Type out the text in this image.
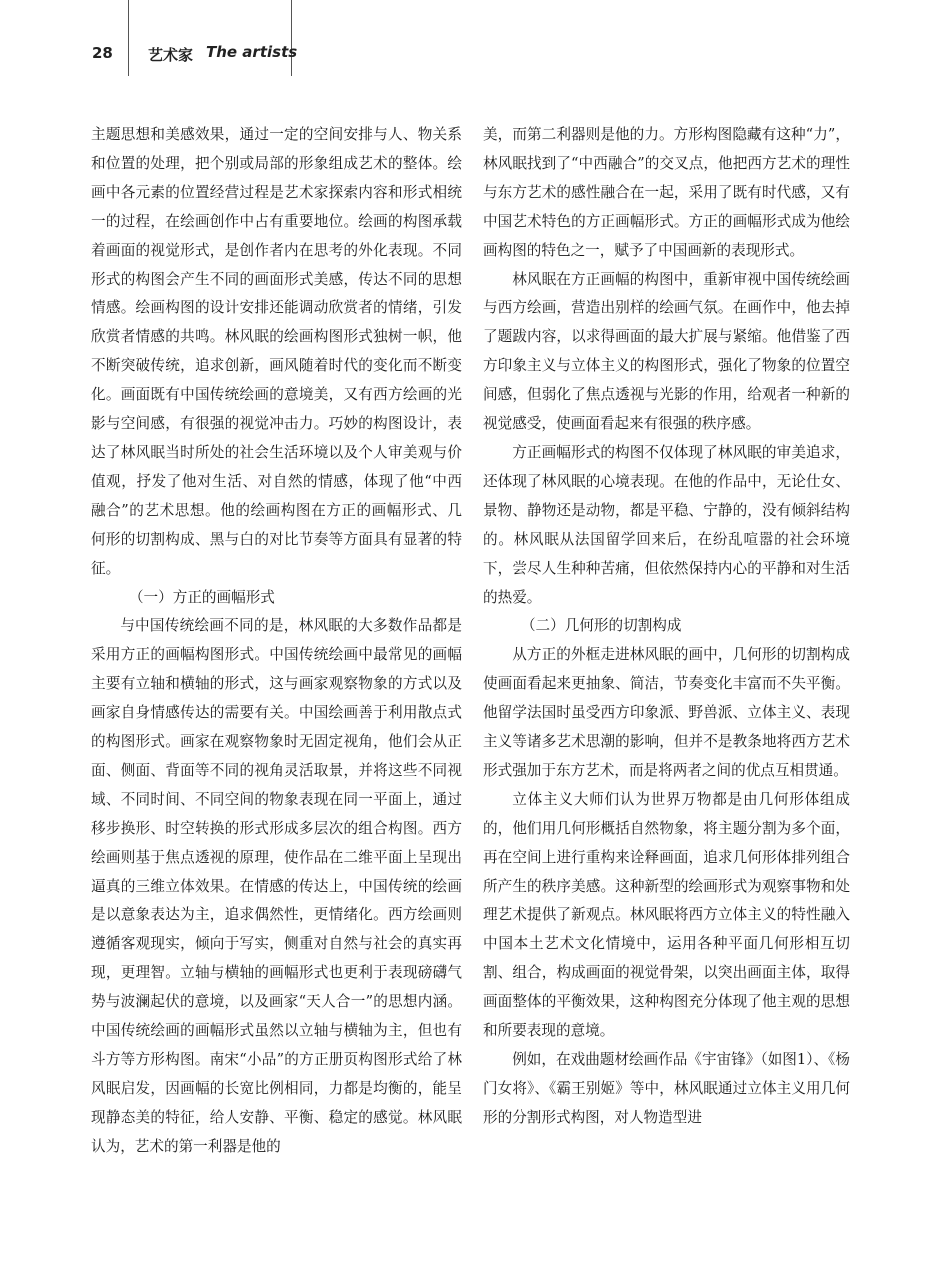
28 艺术家 The artists

主题思想和美感效果，通过一定的空间安排与人、物关系和位置的处理，把个别或局部的形象组成艺术的整体。绘画中各元素的位置经营过程是艺术家探索内容和形式相统一的过程，在绘画创作中占有重要地位。绘画的构图承载着画面的视觉形式，是创作者内在思考的外化表现。不同形式的构图会产生不同的画面形式美感，传达不同的思想情感。绘画构图的设计安排还能调动欣赏者的情绪，引发欣赏者情感的共鸣。林风眠的绘画构图形式独树一帜，他不断突破传统，追求创新，画风随着时代的变化而不断变化。画面既有中国传统绘画的意境美，又有西方绘画的光影与空间感，有很强的视觉冲击力。巧妙的构图设计，表达了林风眠当时所处的社会生活环境以及个人审美观与价值观，抒发了他对生活、对自然的情感，体现了他“中西融合”的艺术思想。他的绘画构图在方正的画幅形式、几何形的切割构成、黑与白的对比节奏等方面具有显著的特征。

（一）方正的画幅形式

与中国传统绘画不同的是，林风眠的大多数作品都是采用方正的画幅构图形式。中国传统绘画中最常见的画幅主要有立轴和横轴的形式，这与画家观察物象的方式以及画家自身情感传达的需要有关。中国绘画善于利用散点式的构图形式。画家在观察物象时无固定视角，他们会从正面、侧面、背面等不同的视角灵活取景，并将这些不同视域、不同时间、不同空间的物象表现在同一平面上，通过移步换形、时空转换的形式形成多层次的组合构图。西方绘画则基于焦点透视的原理，使作品在二维平面上呈现出逼真的三维立体效果。在情感的传达上，中国传统的绘画是以意象表达为主，追求偶然性，更情绪化。西方绘画则遵循客观现实，倾向于写实，侧重对自然与社会的真实再现，更理智。立轴与横轴的画幅形式也更利于表现磅礴气势与波澜起伏的意境，以及画家“天人合一”的思想内涵。中国传统绘画的画幅形式虽然以立轴与横轴为主，但也有斗方等方形构图。南宋“小品”的方正册页构图形式给了林风眠启发，因画幅的长宽比例相同，力都是均衡的，能呈现静态美的特征，给人安静、平衡、稳定的感觉。林风眠认为，艺术的第一利器是他的

美，而第二利器则是他的力。方形构图隐藏有这种“力”，林风眠找到了“中西融合”的交叉点，他把西方艺术的理性与东方艺术的感性融合在一起，采用了既有时代感，又有中国艺术特色的方正画幅形式。方正的画幅形式成为他绘画构图的特色之一，赋予了中国画新的表现形式。

林风眠在方正画幅的构图中，重新审视中国传统绘画与西方绘画，营造出别样的绘画气氛。在画作中，他去掉了题跋内容，以求得画面的最大扩展与紧缩。他借鉴了西方印象主义与立体主义的构图形式，强化了物象的位置空间感，但弱化了焦点透视与光影的作用，给观者一种新的视觉感受，使画面看起来有很强的秩序感。

方正画幅形式的构图不仅体现了林风眠的审美追求，还体现了林风眠的心境表现。在他的作品中，无论仕女、景物、静物还是动物，都是平稳、宁静的，没有倾斜结构的。林风眠从法国留学回来后，在纷乱喧嚣的社会环境下，尝尽人生种种苦痛，但依然保持内心的平静和对生活的热爱。

（二）几何形的切割构成

从方正的外框走进林风眠的画中，几何形的切割构成使画面看起来更抽象、简洁，节奏变化丰富而不失平衡。他留学法国时虽受西方印象派、野兽派、立体主义、表现主义等诸多艺术思潮的影响，但并不是教条地将西方艺术形式强加于东方艺术，而是将两者之间的优点互相贯通。

立体主义大师们认为世界万物都是由几何形体组成的，他们用几何形概括自然物象，将主题分割为多个面，再在空间上进行重构来诠释画面，追求几何形体排列组合所产生的秩序美感。这种新型的绘画形式为观察事物和处理艺术提供了新观点。林风眠将西方立体主义的特性融入中国本土艺术文化情境中，运用各种平面几何形相互切割、组合，构成画面的视觉骨架，以突出画面主体，取得画面整体的平衡效果，这种构图充分体现了他主观的思想和所要表现的意境。

例如，在戏曲题材绘画作品《宇宙锋》（如图1）、《杨门女将》、《霸王别姬》等中，林风眠通过立体主义用几何形的分割形式构图，对人物造型进
